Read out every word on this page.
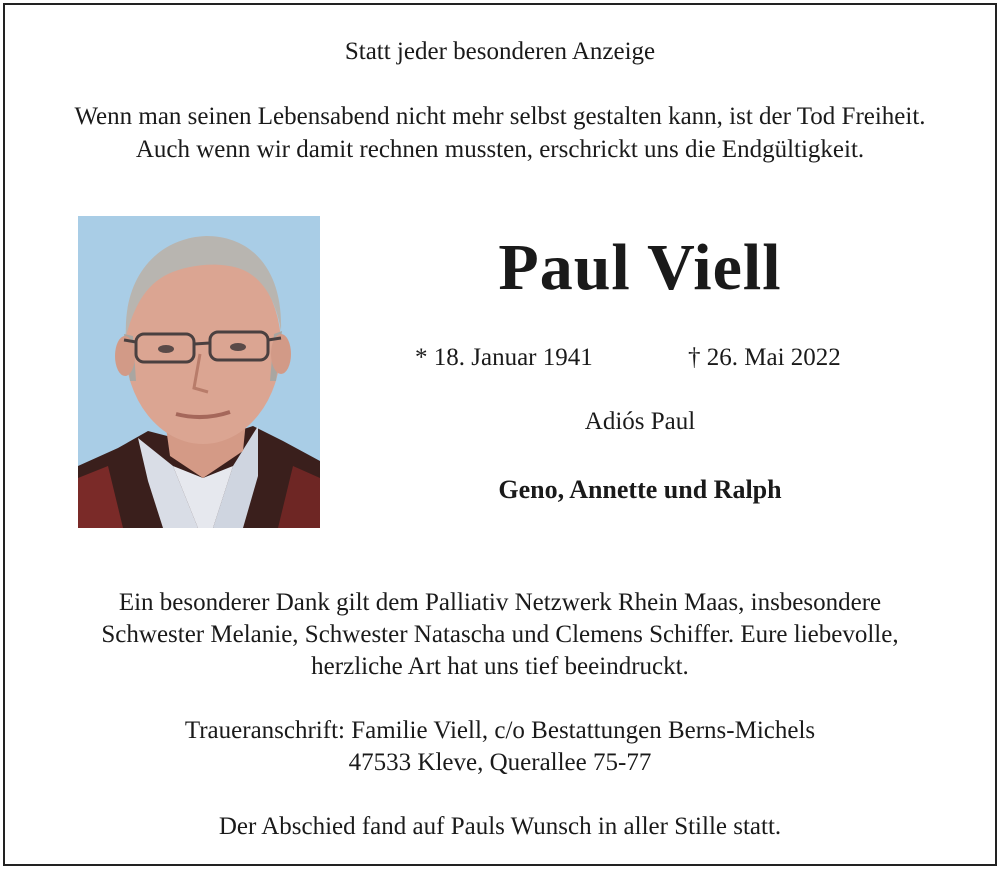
Statt jeder besonderen Anzeige
Wenn man seinen Lebensabend nicht mehr selbst gestalten kann, ist der Tod Freiheit.
Auch wenn wir damit rechnen mussten, erschrickt uns die Endgültigkeit.
Paul Viell
* 18. Januar 1941	† 26. Mai 2022
Adiós Paul
Geno, Annette und Ralph
Ein besonderer Dank gilt dem Palliativ Netzwerk Rhein Maas, insbesondere
Schwester Melanie, Schwester Natascha und Clemens Schiffer. Eure liebevolle,
herzliche Art hat uns tief beeindruckt.
Traueranschrift: Familie Viell, c/o Bestattungen Berns-Michels
47533 Kleve, Querallee 75-77
Der Abschied fand auf Pauls Wunsch in aller Stille statt.
